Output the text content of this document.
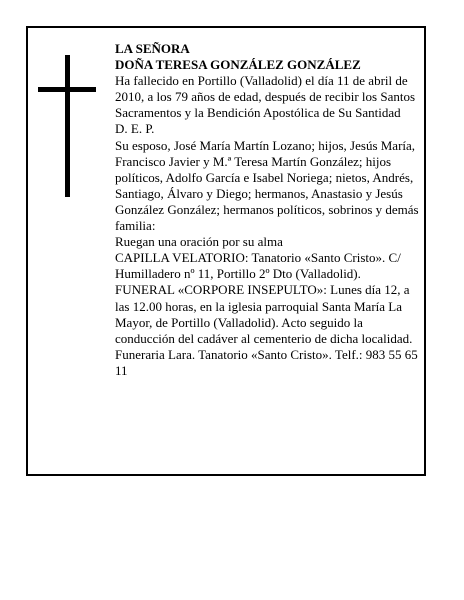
LA SEÑORA

DOÑA TERESA GONZÁLEZ GONZÁLEZ

Ha fallecido en Portillo (Valladolid) el día 11 de abril de 2010, a los 79 años de edad, después de recibir los Santos Sacramentos y la Bendición Apostólica de Su Santidad

D. E. P.

Su esposo, José María Martín Lozano; hijos, Jesús María, Francisco Javier y M.ª Teresa Martín González; hijos políticos, Adolfo García e Isabel Noriega; nietos, Andrés, Santiago, Álvaro y Diego; hermanos, Anastasio y Jesús González González; hermanos políticos, sobrinos y demás familia:

Ruegan una oración por su alma

CAPILLA VELATORIO: Tanatorio «Santo Cristo». C/ Humilladero nº 11, Portillo 2º Dto (Valladolid).

FUNERAL «CORPORE INSEPULTO»: Lunes día 12, a las 12.00 horas, en la iglesia parroquial Santa María La Mayor, de Portillo (Valladolid). Acto seguido la conducción del cadáver al cementerio de dicha localidad.

Funeraria Lara. Tanatorio «Santo Cristo». Telf.: 983 55 65 11
